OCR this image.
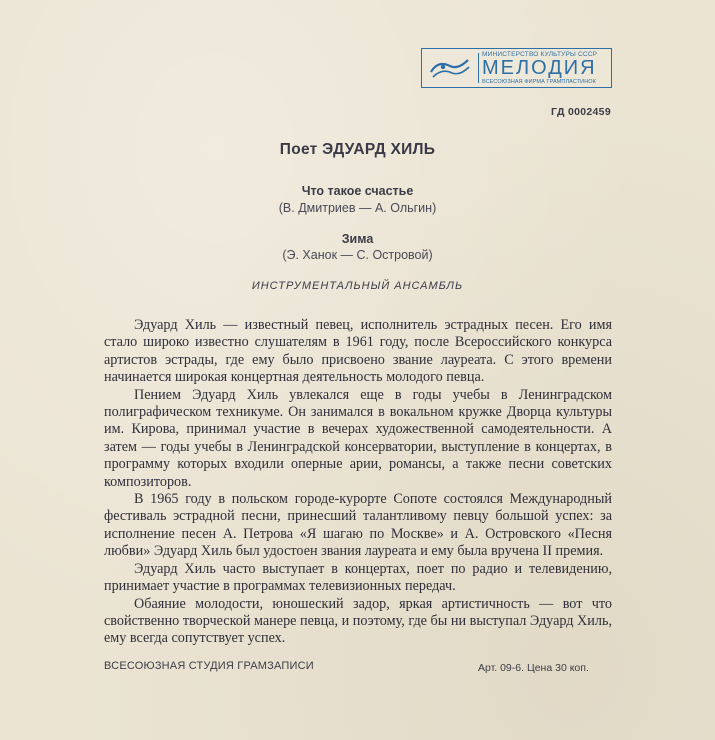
МИНИСТЕРСТВО КУЛЬТУРЫ СССР
МЕЛОДИЯ
ВСЕСОЮЗНАЯ ФИРМА ГРАМПЛАСТИНОК
ГД 0002459
Поет ЭДУАРД ХИЛЬ
Что такое счастье
(В. Дмитриев — А. Ольгин)
Зима
(Э. Ханок — С. Островой)
ИНСТРУМЕНТАЛЬНЫЙ АНСАМБЛЬ

Эдуард Хиль — известный певец, исполнитель эстрадных песен. Его имя стало широко известно слушателям в 1961 году, после Всероссийского конкурса артистов эстрады, где ему было присвоено звание лауреата. С этого времени начинается широкая концертная деятельность молодого певца.

Пением Эдуард Хиль увлекался еще в годы учебы в Ленинградском полиграфическом техникуме. Он занимался в вокальном кружке Дворца культуры им. Кирова, принимал участие в вечерах художественной самодеятельности. А затем — годы учебы в Ленинградской консерватории, выступление в концертах, в программу которых входили оперные арии, романсы, а также песни советских композиторов.

В 1965 году в польском городе-курорте Сопоте состоялся Международный фестиваль эстрадной песни, принесший талантливому певцу большой успех: за исполнение песен А. Петрова «Я шагаю по Москве» и А. Островского «Песня любви» Эдуард Хиль был удостоен звания лауреата и ему была вручена II премия.

Эдуард Хиль часто выступает в концертах, поет по радио и телевидению, принимает участие в программах телевизионных передач.

Обаяние молодости, юношеский задор, яркая артистичность — вот что свойственно творческой манере певца, и поэтому, где бы ни выступал Эдуард Хиль, ему всегда сопутствует успех.

ВСЕСОЮЗНАЯ СТУДИЯ ГРАМЗАПИСИ	Арт. 09-6. Цена 30 коп.
